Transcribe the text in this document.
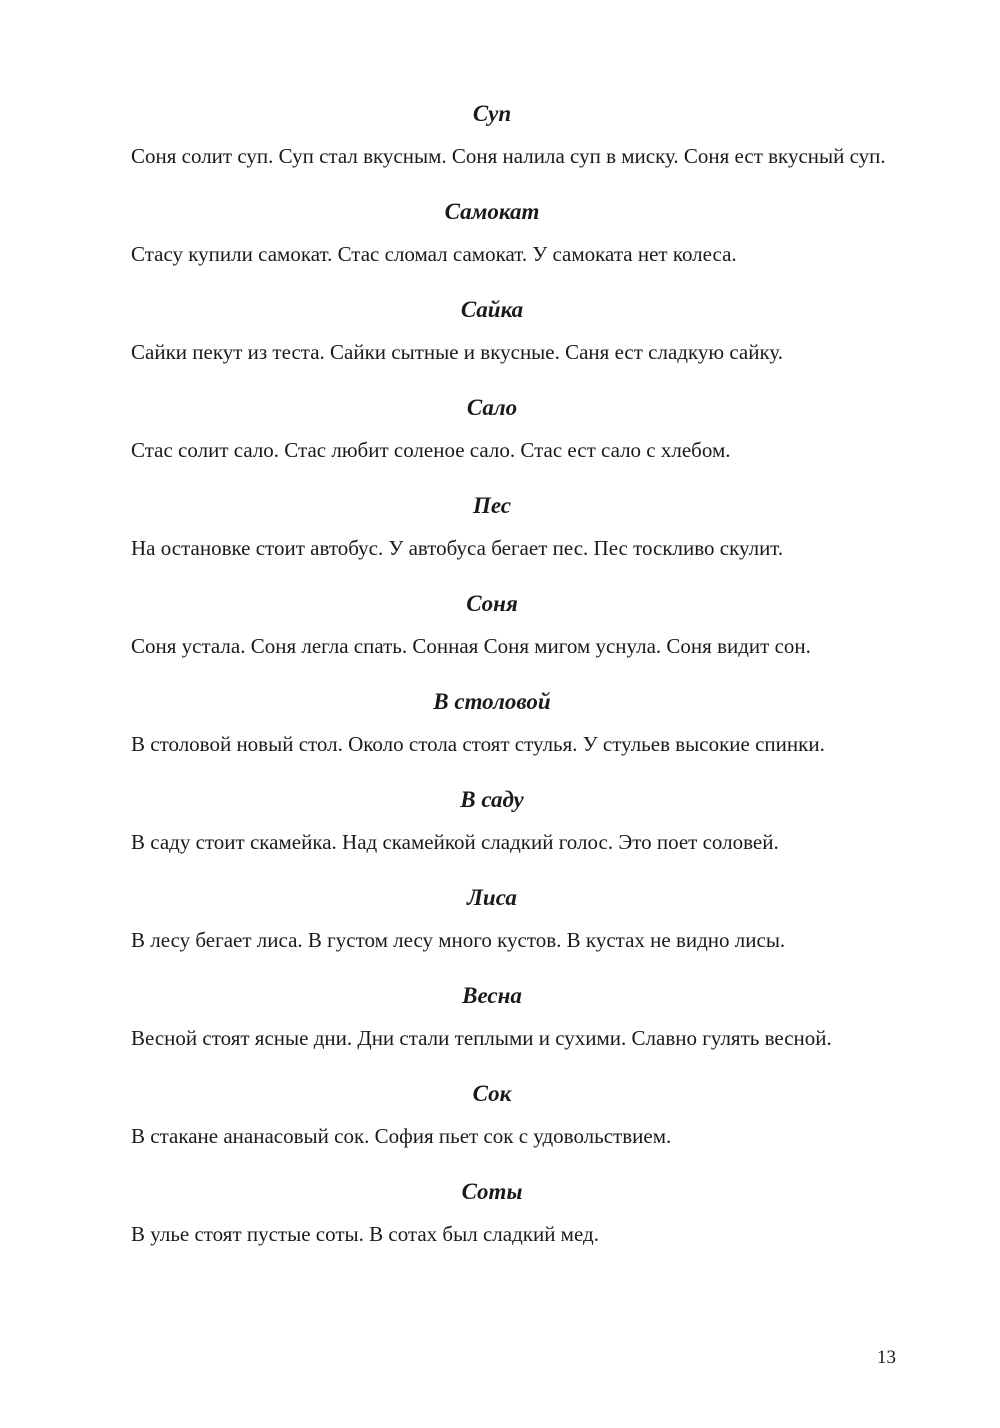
Суп

Соня солит суп. Суп стал вкусным. Соня налила суп в миску. Соня ест вкусный суп.

Самокат

Стасу купили самокат. Стас сломал самокат. У самоката нет колеса.

Сайка

Сайки пекут из теста. Сайки сытные и вкусные. Саня ест сладкую сайку.

Сало

Стас солит сало. Стас любит соленое сало. Стас ест сало с хлебом.

Пес

На остановке стоит автобус. У автобуса бегает пес. Пес тоскливо скулит.

Соня

Соня устала. Соня легла спать. Сонная Соня мигом уснула. Соня видит сон.

В столовой

В столовой новый стол. Около стола стоят стулья. У стульев высокие спинки.

В саду

В саду стоит скамейка. Над скамейкой сладкий голос. Это поет соловей.

Лиса

В лесу бегает лиса. В густом лесу много кустов. В кустах не видно лисы.

Весна

Весной стоят ясные дни. Дни стали теплыми и сухими. Славно гулять весной.

Сок

В стакане ананасовый сок. София пьет сок с удовольствием.

Соты

В улье стоят пустые соты. В сотах был сладкий мед.

13
